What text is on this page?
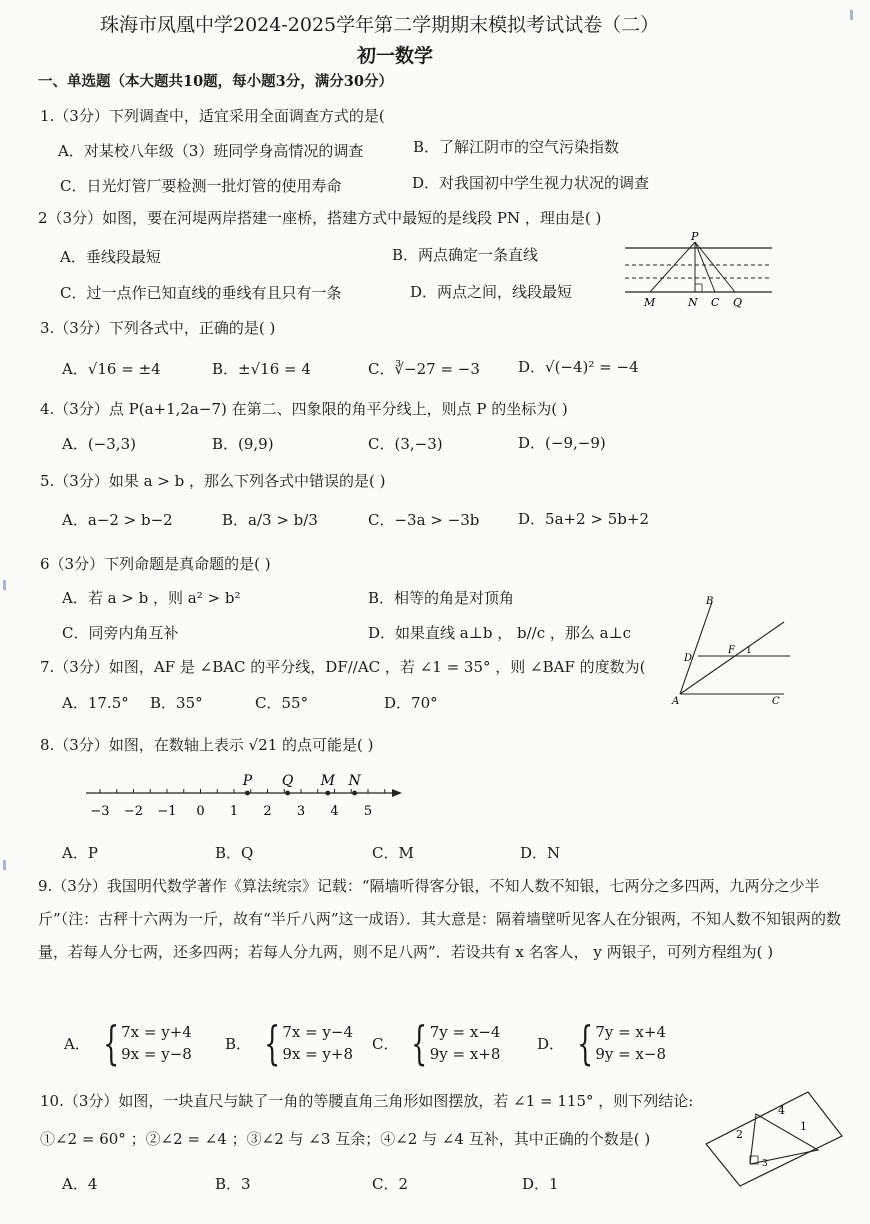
珠海市凤凰中学2024-2025学年第二学期期末模拟考试试卷（二）
初一数学
一、单选题（本大题共10题，每小题3分，满分30分）
1.（3分）下列调查中，适宜采用全面调查方式的是(
A．对某校八年级（3）班同学身高情况的调查	B．了解江阴市的空气污染指数
C．日光灯管厂要检测一批灯管的使用寿命	D．对我国初中学生视力状况的调查
2（3分）如图，要在河堤两岸搭建一座桥，搭建方式中最短的是线段 PN ，理由是( )
A．垂线段最短	B．两点确定一条直线
C．过一点作已知直线的垂线有且只有一条	D．两点之间，线段最短
P
M	N C Q
3.（3分）下列各式中，正确的是( )
A．√16 = ±4	B．±√16 = 4	C．∛−27 = −3	D．√(−4)² = −4
4.（3分）点 P(a+1,2a−7) 在第二、四象限的角平分线上，则点 P 的坐标为( )
A．(−3,3)	B．(9,9)	C．(3,−3)	D．(−9,−9)
5.（3分）如果 a > b ，那么下列各式中错误的是( )
A．a−2 > b−2	B．a/3 > b/3	C．−3a > −3b	D．5a+2 > 5b+2
6（3分）下列命题是真命题的是( )
A．若 a > b ，则 a² > b²	B．相等的角是对顶角
C．同旁内角互补	D．如果直线 a⊥b ， b//c ，那么 a⊥c
B
D
F 1
A	C
7.（3分）如图，AF 是 ∠BAC 的平分线，DF//AC ，若 ∠1 = 35° ，则 ∠BAF 的度数为(
A．17.5° B．35°	C．55°	D．70°
8.（3分）如图，在数轴上表示 √21 的点可能是( )
−3 −2 −1 0 1 2 3 4 5
P Q M N
A．P	B．Q	C．M	D．N
9.（3分）我国明代数学著作《算法统宗》记载：“隔墙听得客分银，不知人数不知银，七两分之多四两，九两分之少半斤”（注：古秤十六两为一斤，故有“半斤八两”这一成语）．其大意是：隔着墙壁听见客人在分银两，不知人数不知银两的数量，若每人分七两，还多四两；若每人分九两，则不足八两”．若设共有 x 名客人， y 两银子，可列方程组为( )
A． { 7x = y+4
9x = y−8
B． { 7x = y−4
9x = y+8
C． { 7y = x−4
9y = x+8
D． { 7y = x+4
9y = x−8
10.（3分）如图，一块直尺与缺了一角的等腰直角三角形如图摆放，若 ∠1 = 115° ，则下列结论:
①∠2 = 60° ；②∠2 = ∠4 ；③∠2 与 ∠3 互余；④∠2 与 ∠4 互补，其中正确的个数是( )
A．4	B．3	C．2	D．1
2
3
4
1
